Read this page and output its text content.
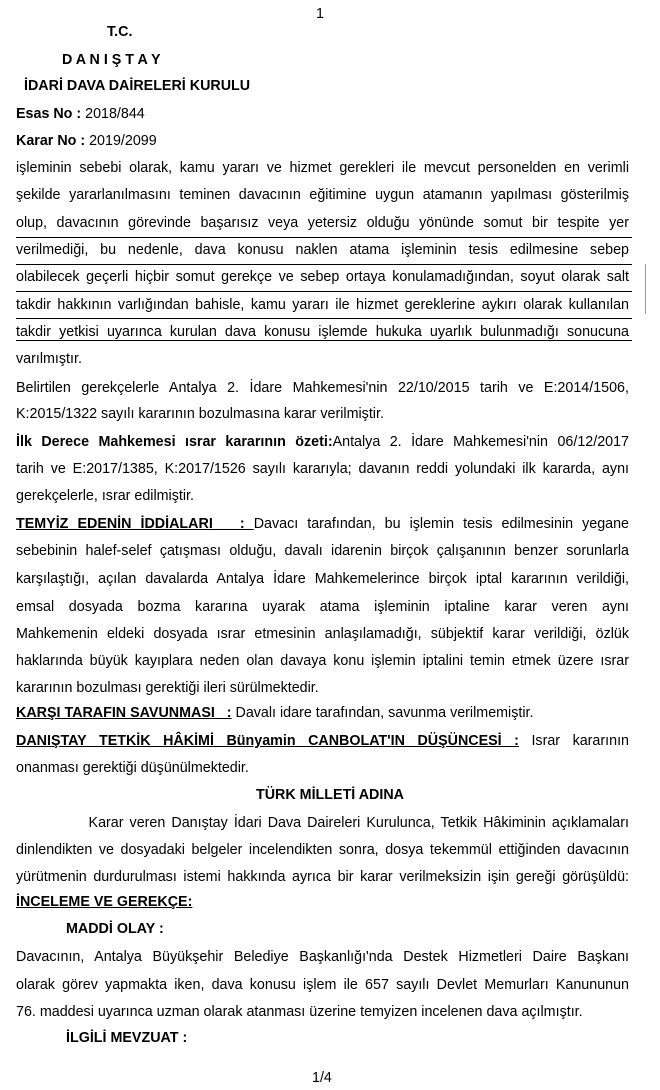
1
T.C.
D A N I Ş T A Y
İDARİ DAVA DAİRELERİ KURULU
Esas No : 2018/844
Karar No : 2019/2099
işleminin sebebi olarak, kamu yararı ve hizmet gerekleri ile mevcut personelden en verimli
şekilde yararlanılmasını teminen davacının eğitimine uygun atamanın yapılması gösterilmiş
olup, davacının görevinde başarısız veya yetersiz olduğu yönünde somut bir tespite yer
verilmediği, bu nedenle, dava konusu naklen atama işleminin tesis edilmesine sebep
olabilecek geçerli hiçbir somut gerekçe ve sebep ortaya konulamadığından, soyut olarak salt
takdir hakkının varlığından bahisle, kamu yararı ile hizmet gereklerine aykırı olarak kullanılan
takdir yetkisi uyarınca kurulan dava konusu işlemde hukuka uyarlık bulunmadığı sonucuna
varılmıştır.
Belirtilen gerekçelerle Antalya 2. İdare Mahkemesi'nin 22/10/2015 tarih ve E:2014/1506,
K:2015/1322 sayılı kararının bozulmasına karar verilmiştir.
İlk Derece Mahkemesi ısrar kararının özeti:Antalya 2. İdare Mahkemesi'nin 06/12/2017
tarih ve E:2017/1385, K:2017/1526 sayılı kararıyla; davanın reddi yolundaki ilk kararda, aynı
gerekçelerle, ısrar edilmiştir.
TEMYİZ EDENİN İDDİALARI   : Davacı tarafından, bu işlemin tesis edilmesinin yegane
sebebinin halef-selef çatışması olduğu, davalı idarenin birçok çalışanının benzer sorunlarla
karşılaştığı, açılan davalarda Antalya İdare Mahkemelerince birçok iptal kararının verildiği,
emsal dosyada bozma kararına uyarak atama işleminin iptaline karar veren aynı
Mahkemenin eldeki dosyada ısrar etmesinin anlaşılamadığı, sübjektif karar verildiği, özlük
haklarında büyük kayıplara neden olan davaya konu işlemin iptalini temin etmek üzere ısrar
kararının bozulması gerektiği ileri sürülmektedir.
KARŞI TARAFIN SAVUNMASI   : Davalı idare tarafından, savunma verilmemiştir.
DANIŞTAY TETKİK HÂKİMİ Bünyamin CANBOLAT'IN DÜŞÜNCESİ : Israr kararının
onanması gerektiği düşünülmektedir.
TÜRK MİLLETİ ADINA
Karar veren Danıştay İdari Dava Daireleri Kurulunca, Tetkik Hâkiminin açıklamaları
dinlendikten ve dosyadaki belgeler incelendikten sonra, dosya tekemmül ettiğinden davacının
yürütmenin durdurulması istemi hakkında ayrıca bir karar verilmeksizin işin gereği görüşüldü:
İNCELEME VE GEREKÇE:
MADDİ OLAY :
Davacının, Antalya Büyükşehir Belediye Başkanlığı'nda Destek Hizmetleri Daire Başkanı
olarak görev yapmakta iken, dava konusu işlem ile 657 sayılı Devlet Memurları Kanununun
76. maddesi uyarınca uzman olarak atanması üzerine temyizen incelenen dava açılmıştır.
İLGİLİ MEVZUAT :
1/4
